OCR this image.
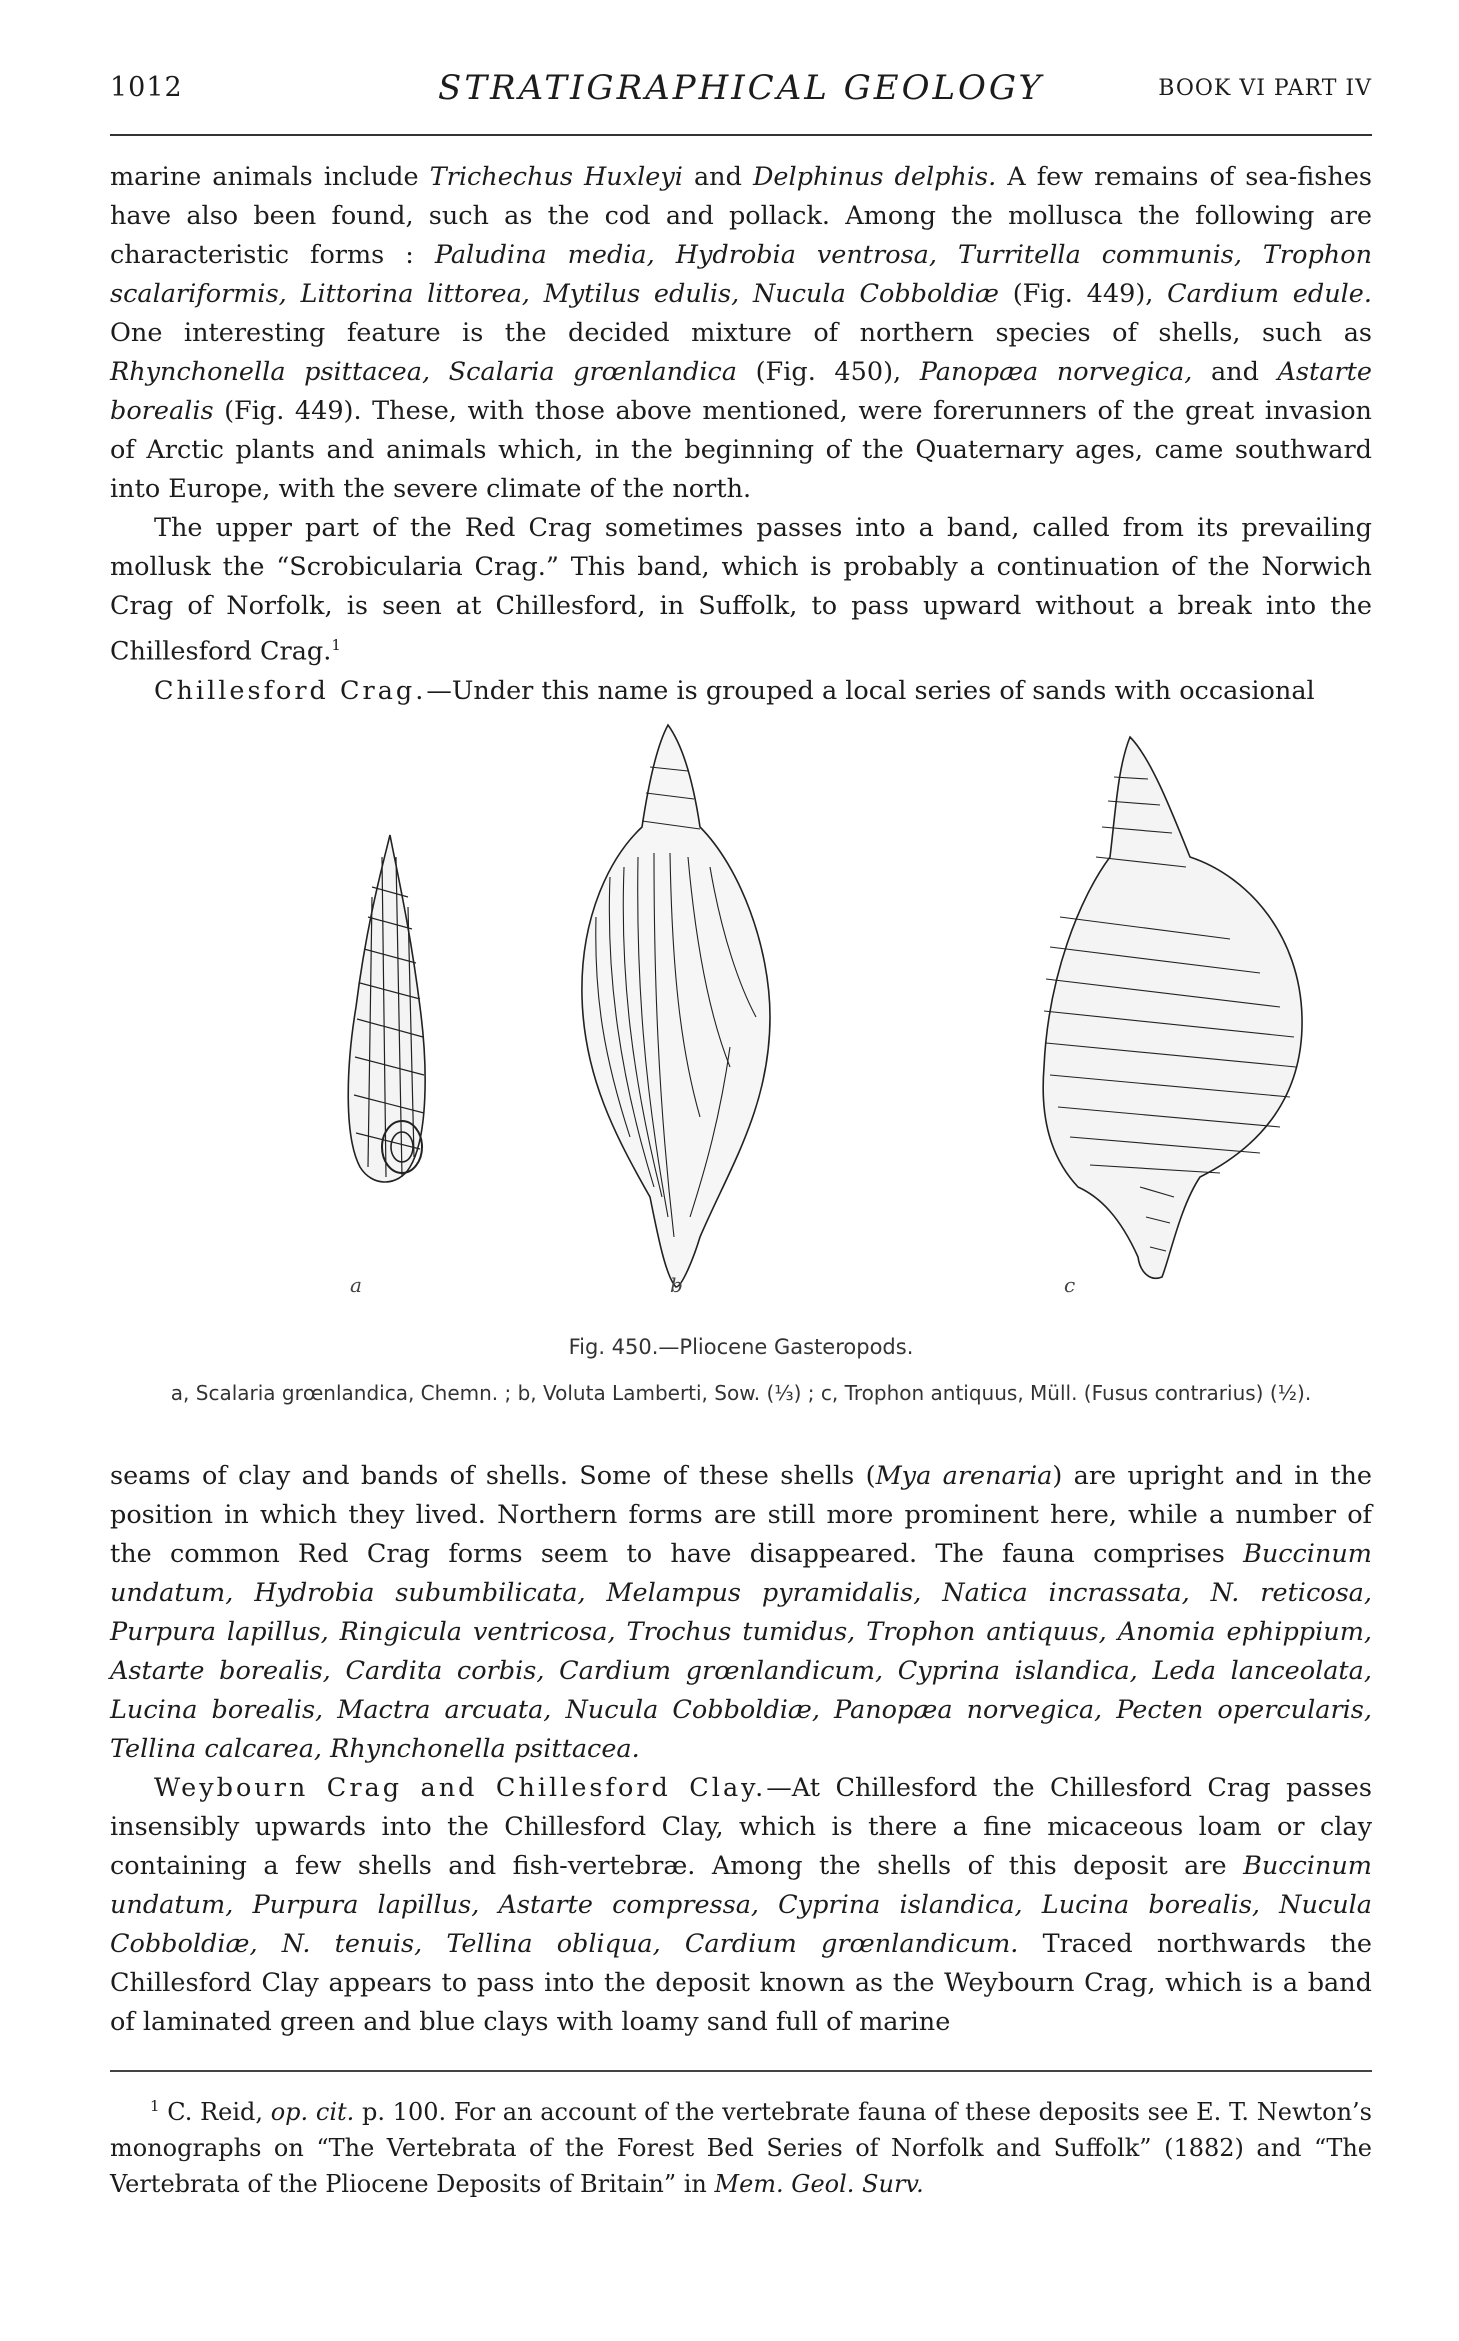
1012	STRATIGRAPHICAL GEOLOGY	BOOK VI PART IV

marine animals include Trichechus Huxleyi and Delphinus delphis. A few remains of sea-fishes have also been found, such as the cod and pollack. Among the mollusca the following are characteristic forms : Paludina media, Hydrobia ventrosa, Turritella communis, Trophon scalariformis, Littorina littorea, Mytilus edulis, Nucula Cobboldiæ (Fig. 449), Cardium edule. One interesting feature is the decided mixture of northern species of shells, such as Rhynchonella psittacea, Scalaria grœnlandica (Fig. 450), Panopæa norvegica, and Astarte borealis (Fig. 449). These, with those above mentioned, were forerunners of the great invasion of Arctic plants and animals which, in the beginning of the Quaternary ages, came southward into Europe, with the severe climate of the north.

The upper part of the Red Crag sometimes passes into a band, called from its prevailing mollusk the “Scrobicularia Crag.” This band, which is probably a continuation of the Norwich Crag of Norfolk, is seen at Chillesford, in Suffolk, to pass upward without a break into the Chillesford Crag.$^1$

Chillesford Crag.—Under this name is grouped a local series of sands with occasional

a	b	c
Fig. 450.—Pliocene Gasteropods.
a, Scalaria grœnlandica, Chemn. ; b, Voluta Lamberti, Sow. (⅓) ; c, Trophon antiquus, Müll. (Fusus contrarius) (½).

seams of clay and bands of shells. Some of these shells (Mya arenaria) are upright and in the position in which they lived. Northern forms are still more prominent here, while a number of the common Red Crag forms seem to have disappeared. The fauna comprises Buccinum undatum, Hydrobia subumbilicata, Melampus pyramidalis, Natica incrassata, N. reticosa, Purpura lapillus, Ringicula ventricosa, Trochus tumidus, Trophon antiquus, Anomia ephippium, Astarte borealis, Cardita corbis, Cardium grœnlandicum, Cyprina islandica, Leda lanceolata, Lucina borealis, Mactra arcuata, Nucula Cobboldiæ, Panopæa norvegica, Pecten opercularis, Tellina calcarea, Rhynchonella psittacea.

Weybourn Crag and Chillesford Clay.—At Chillesford the Chillesford Crag passes insensibly upwards into the Chillesford Clay, which is there a fine micaceous loam or clay containing a few shells and fish-vertebræ. Among the shells of this deposit are Buccinum undatum, Purpura lapillus, Astarte compressa, Cyprina islandica, Lucina borealis, Nucula Cobboldiæ, N. tenuis, Tellina obliqua, Cardium grœnlandicum. Traced northwards the Chillesford Clay appears to pass into the deposit known as the Weybourn Crag, which is a band of laminated green and blue clays with loamy sand full of marine

$^1$ C. Reid, op. cit. p. 100. For an account of the vertebrate fauna of these deposits see E. T. Newton’s monographs on “The Vertebrata of the Forest Bed Series of Norfolk and Suffolk” (1882) and “The Vertebrata of the Pliocene Deposits of Britain” in Mem. Geol. Surv.
